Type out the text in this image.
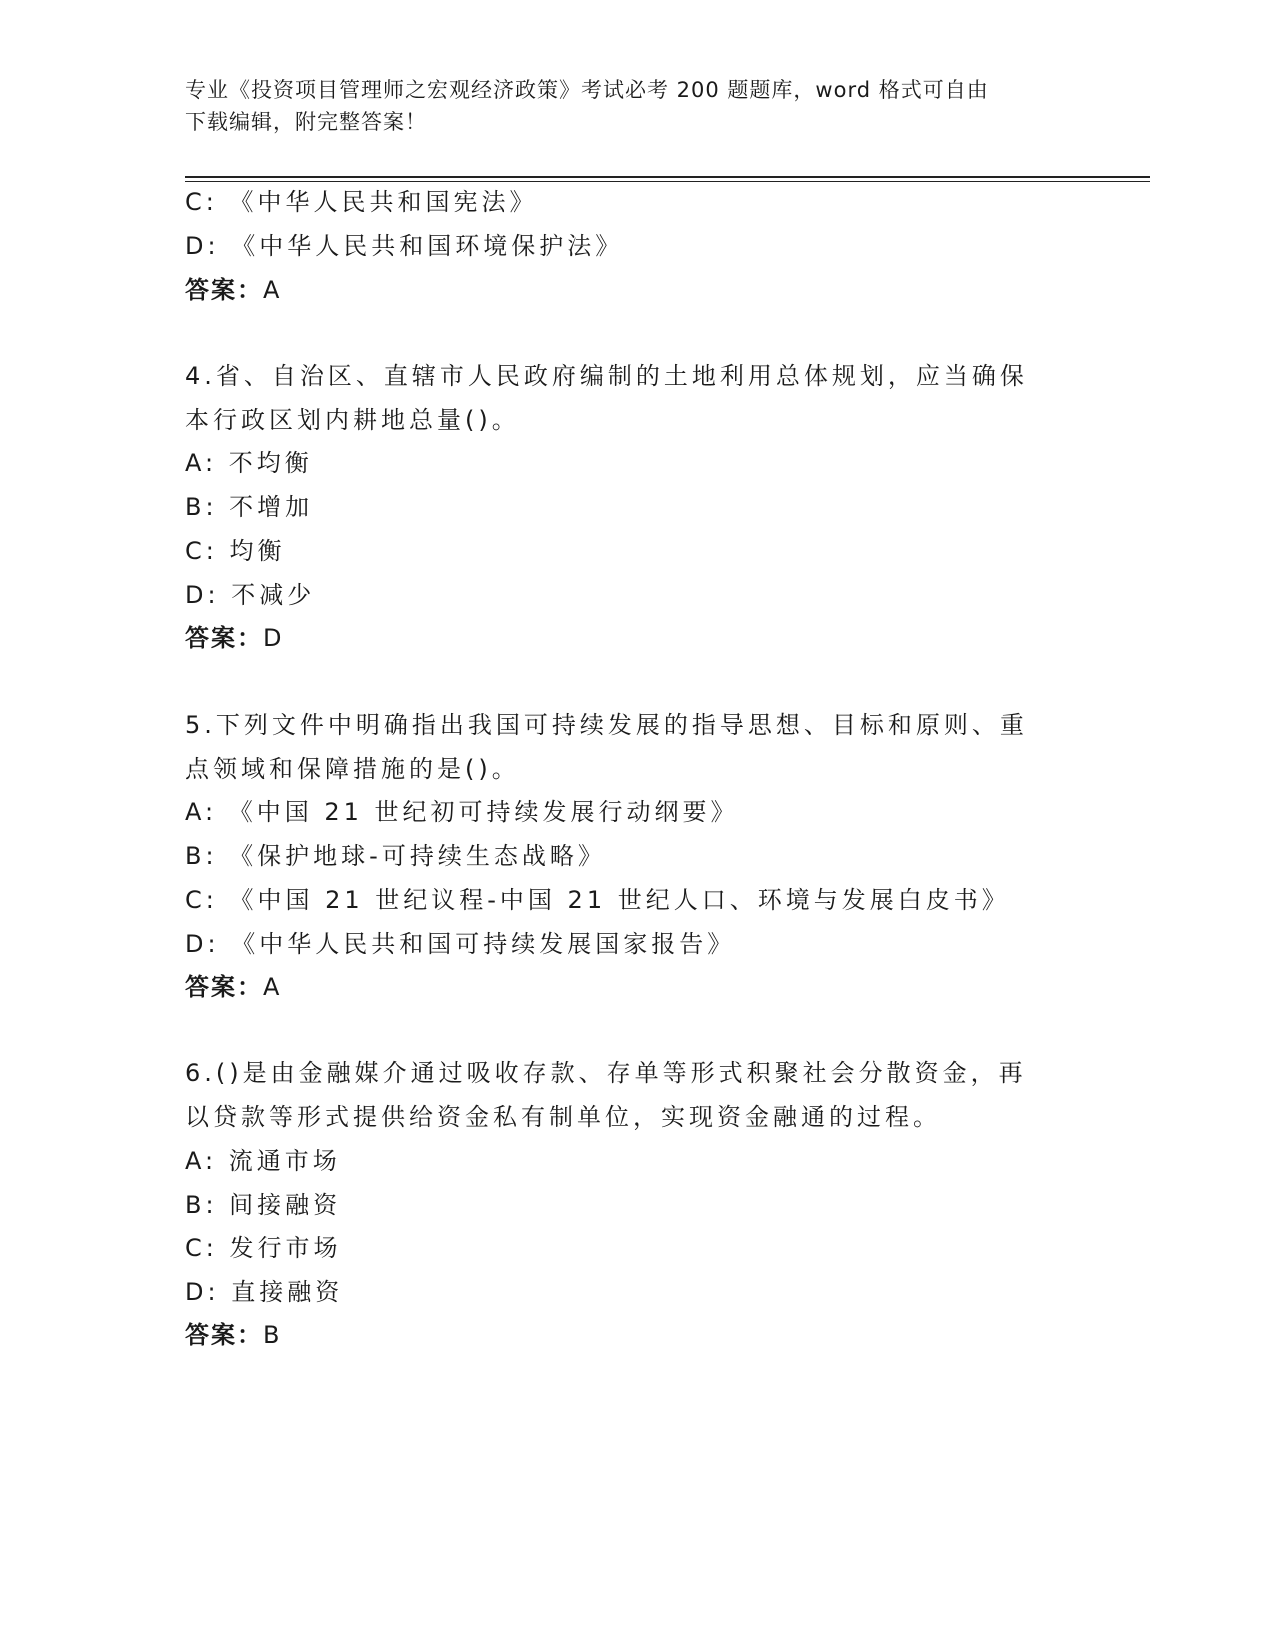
专业《投资项目管理师之宏观经济政策》考试必考 200 题题库，word 格式可自由
下载编辑，附完整答案！
C: 《中华人民共和国宪法》
D: 《中华人民共和国环境保护法》
答案：A
4.省、自治区、直辖市人民政府编制的土地利用总体规划，应当确保
本行政区划内耕地总量()。
A: 不均衡
B: 不增加
C: 均衡
D: 不减少
答案：D
5.下列文件中明确指出我国可持续发展的指导思想、目标和原则、重
点领域和保障措施的是()。
A: 《中国 21 世纪初可持续发展行动纲要》
B: 《保护地球-可持续生态战略》
C: 《中国 21 世纪议程-中国 21 世纪人口、环境与发展白皮书》
D: 《中华人民共和国可持续发展国家报告》
答案：A
6.()是由金融媒介通过吸收存款、存单等形式积聚社会分散资金，再
以贷款等形式提供给资金私有制单位，实现资金融通的过程。
A: 流通市场
B: 间接融资
C: 发行市场
D: 直接融资
答案：B
